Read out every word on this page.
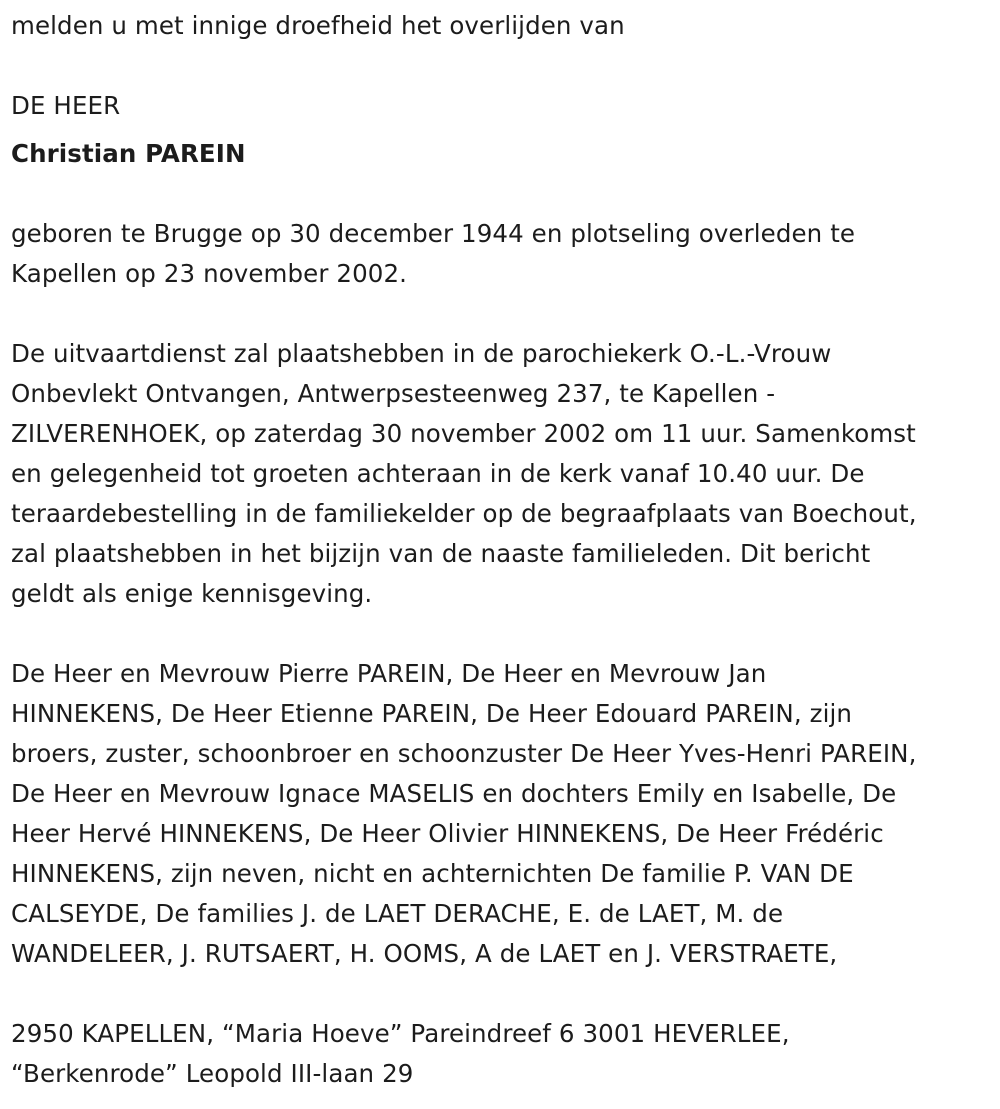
melden u met innige droefheid het overlijden van
DE HEER
Christian PAREIN
geboren te Brugge op 30 december 1944 en plotseling overleden te
Kapellen op 23 november 2002.
De uitvaartdienst zal plaatshebben in de parochiekerk O.-L.-Vrouw
Onbevlekt Ontvangen, Antwerpsesteenweg 237, te Kapellen -
ZILVERENHOEK, op zaterdag 30 november 2002 om 11 uur. Samenkomst
en gelegenheid tot groeten achteraan in de kerk vanaf 10.40 uur. De
teraardebestelling in de familiekelder op de begraafplaats van Boechout,
zal plaatshebben in het bijzijn van de naaste familieleden. Dit bericht
geldt als enige kennisgeving.
De Heer en Mevrouw Pierre PAREIN, De Heer en Mevrouw Jan
HINNEKENS, De Heer Etienne PAREIN, De Heer Edouard PAREIN, zijn
broers, zuster, schoonbroer en schoonzuster De Heer Yves-Henri PAREIN,
De Heer en Mevrouw Ignace MASELIS en dochters Emily en Isabelle, De
Heer Hervé HINNEKENS, De Heer Olivier HINNEKENS, De Heer Frédéric
HINNEKENS, zijn neven, nicht en achternichten De familie P. VAN DE
CALSEYDE, De families J. de LAET DERACHE, E. de LAET, M. de
WANDELEER, J. RUTSAERT, H. OOMS, A de LAET en J. VERSTRAETE,
2950 KAPELLEN, “Maria Hoeve” Pareindreef 6 3001 HEVERLEE,
“Berkenrode” Leopold III-laan 29
